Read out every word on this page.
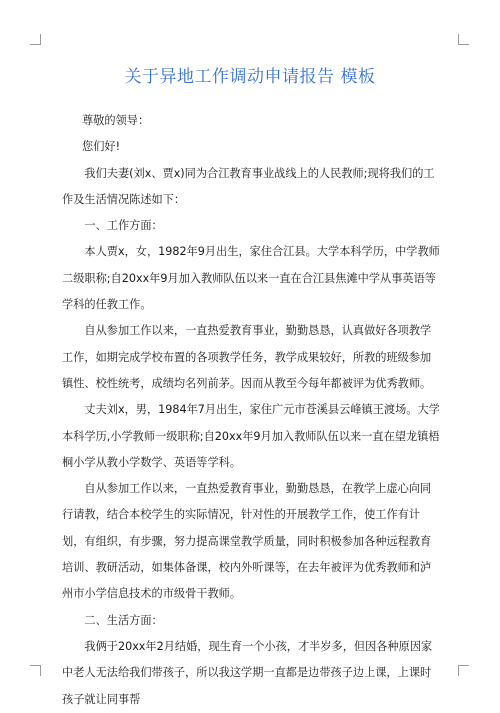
关于异地工作调动申请报告 模板

尊敬的领导：

您们好!

我们夫妻(刘x、贾x)同为合江教育事业战线上的人民教师;现将我们的工作及生活情况陈述如下：

一、工作方面：

本人贾x，女，1982年9月出生，家住合江县。大学本科学历，中学教师二级职称;自20xx年9月加入教师队伍以来一直在合江县焦滩中学从事英语等学科的任教工作。

自从参加工作以来，一直热爱教育事业，勤勤恳恳，认真做好各项教学工作，如期完成学校布置的各项教学任务，教学成果较好，所教的班级参加镇性、校性统考，成绩均名列前茅。因而从教至今每年都被评为优秀教师。

丈夫刘x，男，1984年7月出生，家住广元市苍溪县云峰镇王渡场。大学本科学历,小学教师一级职称;自20xx年9月加入教师队伍以来一直在望龙镇梧桐小学从教小学数学、英语等学科。

自从参加工作以来，一直热爱教育事业，勤勤恳恳，在教学上虚心向同行请教，结合本校学生的实际情况，针对性的开展教学工作，使工作有计划，有组织，有步骤，努力提高课堂教学质量，同时积极参加各种远程教育培训、教研活动，如集体备课，校内外听课等，在去年被评为优秀教师和泸州市小学信息技术的市级骨干教师。

二、生活方面：

我俩于20xx年2月结婚，现生育一个小孩，才半岁多，但因各种原因家中老人无法给我们带孩子，所以我这学期一直都是边带孩子边上课，上课时孩子就让同事帮
